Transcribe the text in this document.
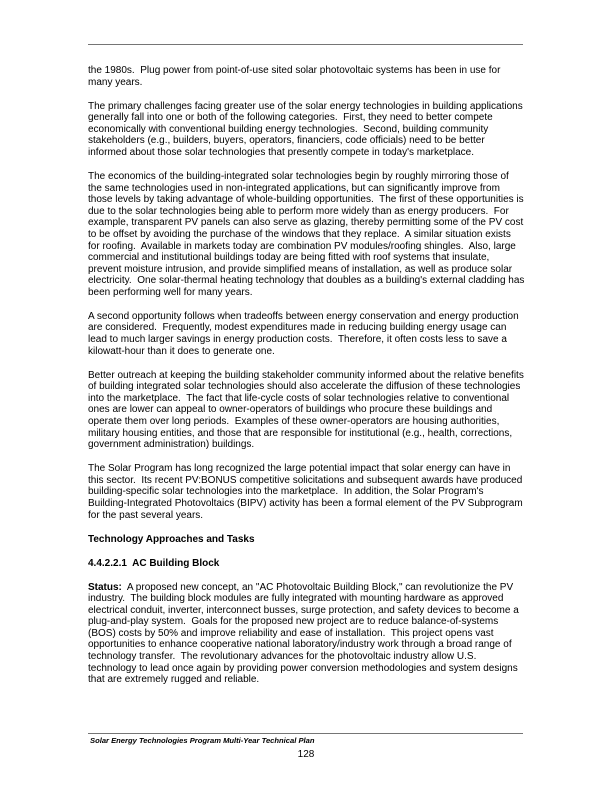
the 1980s.  Plug power from point-of-use sited solar photovoltaic systems has been in use for many years.

The primary challenges facing greater use of the solar energy technologies in building applications generally fall into one or both of the following categories.  First, they need to better compete economically with conventional building energy technologies.  Second, building community stakeholders (e.g., builders, buyers, operators, financiers, code officials) need to be better informed about those solar technologies that presently compete in today's marketplace.

The economics of the building-integrated solar technologies begin by roughly mirroring those of the same technologies used in non-integrated applications, but can significantly improve from those levels by taking advantage of whole-building opportunities.  The first of these opportunities is due to the solar technologies being able to perform more widely than as energy producers.  For example, transparent PV panels can also serve as glazing, thereby permitting some of the PV cost to be offset by avoiding the purchase of the windows that they replace.  A similar situation exists for roofing.  Available in markets today are combination PV modules/roofing shingles.  Also, large commercial and institutional buildings today are being fitted with roof systems that insulate, prevent moisture intrusion, and provide simplified means of installation, as well as produce solar electricity.  One solar-thermal heating technology that doubles as a building's external cladding has been performing well for many years.

A second opportunity follows when tradeoffs between energy conservation and energy production are considered.  Frequently, modest expenditures made in reducing building energy usage can lead to much larger savings in energy production costs.  Therefore, it often costs less to save a kilowatt-hour than it does to generate one.

Better outreach at keeping the building stakeholder community informed about the relative benefits of building integrated solar technologies should also accelerate the diffusion of these technologies into the marketplace.  The fact that life-cycle costs of solar technologies relative to conventional ones are lower can appeal to owner-operators of buildings who procure these buildings and operate them over long periods.  Examples of these owner-operators are housing authorities, military housing entities, and those that are responsible for institutional (e.g., health, corrections, government administration) buildings.

The Solar Program has long recognized the large potential impact that solar energy can have in this sector.  Its recent PV:BONUS competitive solicitations and subsequent awards have produced building-specific solar technologies into the marketplace.  In addition, the Solar Program's Building-Integrated Photovoltaics (BIPV) activity has been a formal element of the PV Subprogram for the past several years.

Technology Approaches and Tasks
4.4.2.2.1  AC Building Block

Status:  A proposed new concept, an "AC Photovoltaic Building Block," can revolutionize the PV industry.  The building block modules are fully integrated with mounting hardware as approved electrical conduit, inverter, interconnect busses, surge protection, and safety devices to become a plug-and-play system.  Goals for the proposed new project are to reduce balance-of-systems (BOS) costs by 50% and improve reliability and ease of installation.  This project opens vast opportunities to enhance cooperative national laboratory/industry work through a broad range of technology transfer.  The revolutionary advances for the photovoltaic industry allow U.S. technology to lead once again by providing power conversion methodologies and system designs that are extremely rugged and reliable.

Solar Energy Technologies Program Multi-Year Technical Plan
128
